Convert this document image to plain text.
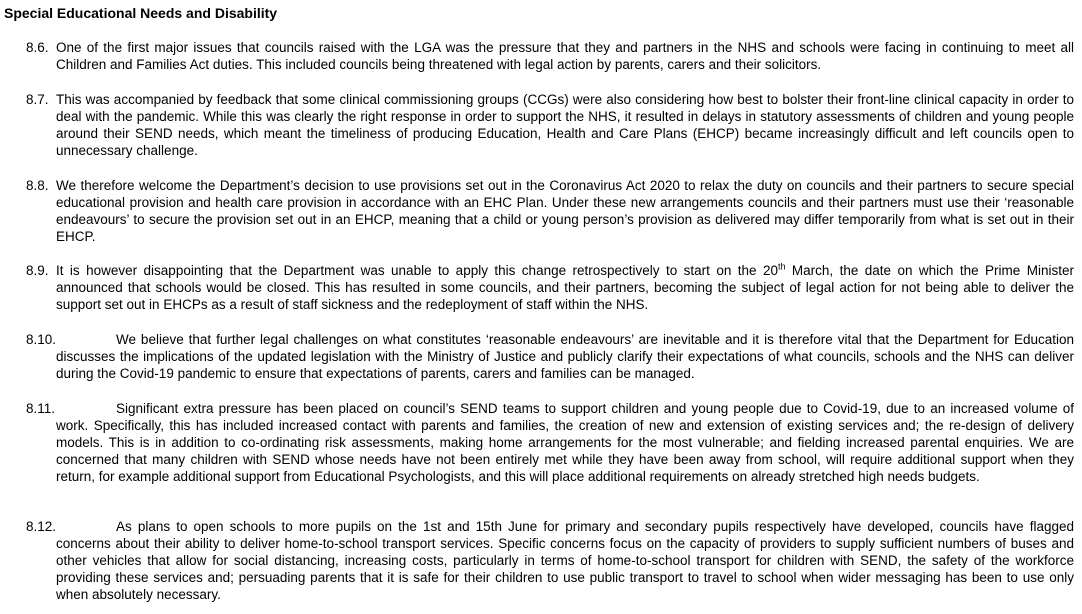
Special Educational Needs and Disability
8.6. One of the first major issues that councils raised with the LGA was the pressure that they and partners in the NHS and schools were facing in continuing to meet all Children and Families Act duties. This included councils being threatened with legal action by parents, carers and their solicitors.
8.7. This was accompanied by feedback that some clinical commissioning groups (CCGs) were also considering how best to bolster their front-line clinical capacity in order to deal with the pandemic. While this was clearly the right response in order to support the NHS, it resulted in delays in statutory assessments of children and young people around their SEND needs, which meant the timeliness of producing Education, Health and Care Plans (EHCP) became increasingly difficult and left councils open to unnecessary challenge.
8.8. We therefore welcome the Department’s decision to use provisions set out in the Coronavirus Act 2020 to relax the duty on councils and their partners to secure special educational provision and health care provision in accordance with an EHC Plan. Under these new arrangements councils and their partners must use their ‘reasonable endeavours’ to secure the provision set out in an EHCP, meaning that a child or young person’s provision as delivered may differ temporarily from what is set out in their EHCP.
8.9. It is however disappointing that the Department was unable to apply this change retrospectively to start on the 20th March, the date on which the Prime Minister announced that schools would be closed. This has resulted in some councils, and their partners, becoming the subject of legal action for not being able to deliver the support set out in EHCPs as a result of staff sickness and the redeployment of staff within the NHS.
8.10.	We believe that further legal challenges on what constitutes ‘reasonable endeavours’ are inevitable and it is therefore vital that the Department for Education discusses the implications of the updated legislation with the Ministry of Justice and publicly clarify their expectations of what councils, schools and the NHS can deliver during the Covid-19 pandemic to ensure that expectations of parents, carers and families can be managed.
8.11.	Significant extra pressure has been placed on council’s SEND teams to support children and young people due to Covid-19, due to an increased volume of work. Specifically, this has included increased contact with parents and families, the creation of new and extension of existing services and; the re-design of delivery models. This is in addition to co-ordinating risk assessments, making home arrangements for the most vulnerable; and fielding increased parental enquiries. We are concerned that many children with SEND whose needs have not been entirely met while they have been away from school, will require additional support when they return, for example additional support from Educational Psychologists, and this will place additional requirements on already stretched high needs budgets.
8.12.	As plans to open schools to more pupils on the 1st and 15th June for primary and secondary pupils respectively have developed, councils have flagged concerns about their ability to deliver home-to-school transport services. Specific concerns focus on the capacity of providers to supply sufficient numbers of buses and other vehicles that allow for social distancing, increasing costs, particularly in terms of home-to-school transport for children with SEND, the safety of the workforce providing these services and; persuading parents that it is safe for their children to use public transport to travel to school when wider messaging has been to use only when absolutely necessary.
